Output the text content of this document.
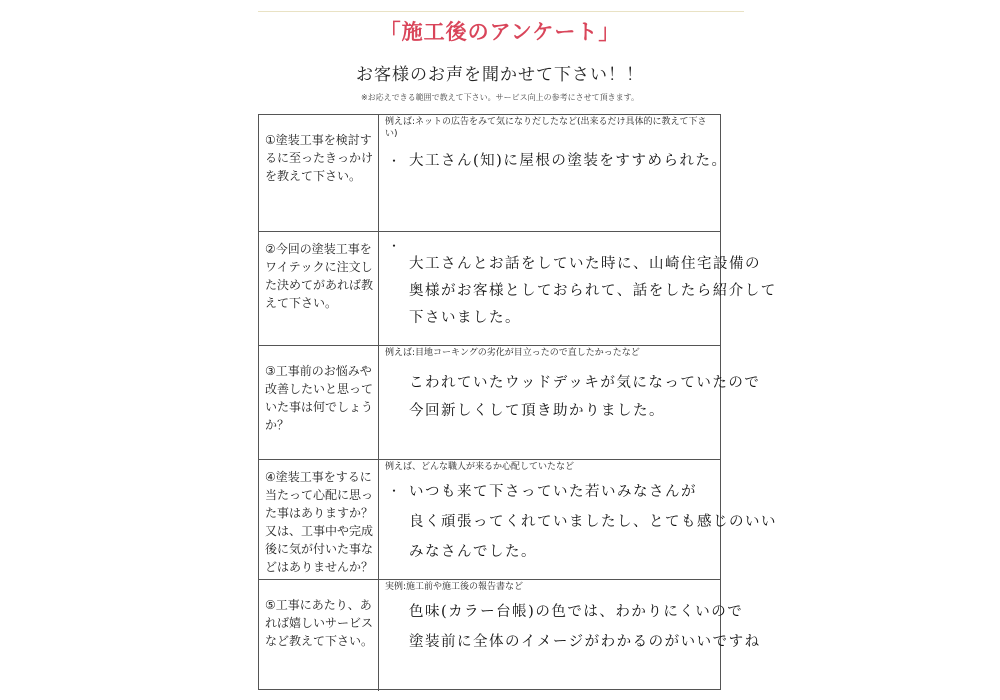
「施工後のアンケート」
お客様のお声を聞かせて下さい！！
※お応えできる範囲で教えて下さい。サービス向上の参考にさせて頂きます。
①塗装工事を検討するに至ったきっかけを教えて下さい。
例えば:ネットの広告をみて気になりだしたなど(出来るだけ具体的に教えて下さい)
・ 大工さん(知)に屋根の塗装をすすめられた。
②今回の塗装工事をワイテックに注文した決めてがあれば教えて下さい。
・
大工さんとお話をしていた時に、山崎住宅設備の
奥様がお客様としておられて、話をしたら紹介して
下さいました。
③工事前のお悩みや改善したいと思っていた事は何でしょうか？
例えば:目地コーキングの劣化が目立ったので直したかったなど
こわれていたウッドデッキが気になっていたので
今回新しくして頂き助かりました。
④塗装工事をするに当たって心配に思った事はありますか？又は、工事中や完成後に気が付いた事などはありませんか？
例えば、どんな職人が来るか心配していたなど
・ いつも来て下さっていた若いみなさんが
良く頑張ってくれていましたし、とても感じのいい
みなさんでした。
⑤工事にあたり、あれば嬉しいサービスなど教えて下さい。
実例:施工前や施工後の報告書など
色味(カラー台帳)の色では、わかりにくいので
塗装前に全体のイメージがわかるのがいいですね
